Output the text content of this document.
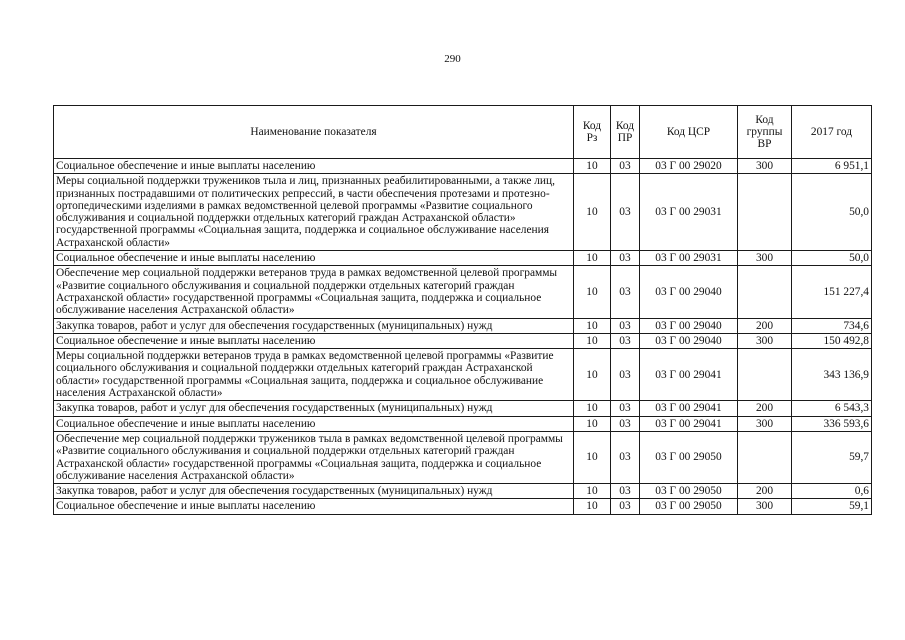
290
Наименование показателя	Код Рз	Код ПР	Код ЦСР	Код группы ВР	2017 год
Социальное обеспечение и иные выплаты населению	10	03	03 Г 00 29020	300	6 951,1
Меры социальной поддержки тружеников тыла и лиц, признанных реабилитированными, а также лиц, признанных пострадавшими от политических репрессий, в части обеспечения протезами и протезно-ортопедическими изделиями в рамках ведомственной целевой программы «Развитие социального обслуживания и социальной поддержки отдельных категорий граждан Астраханской области» государственной программы «Социальная защита, поддержка и социальное обслуживание населения Астраханской области»	10	03	03 Г 00 29031		50,0
Социальное обеспечение и иные выплаты населению	10	03	03 Г 00 29031	300	50,0
Обеспечение мер социальной поддержки ветеранов труда в рамках ведомственной целевой программы «Развитие социального обслуживания и социальной поддержки отдельных категорий граждан Астраханской области» государственной программы «Социальная защита, поддержка и социальное обслуживание населения Астраханской области»	10	03	03 Г 00 29040		151 227,4
Закупка товаров, работ и услуг для обеспечения государственных (муниципальных) нужд	10	03	03 Г 00 29040	200	734,6
Социальное обеспечение и иные выплаты населению	10	03	03 Г 00 29040	300	150 492,8
Меры социальной поддержки ветеранов труда в рамках ведомственной целевой программы «Развитие социального обслуживания и социальной поддержки отдельных категорий граждан Астраханской области» государственной программы «Социальная защита, поддержка и социальное обслуживание населения Астраханской области»	10	03	03 Г 00 29041		343 136,9
Закупка товаров, работ и услуг для обеспечения государственных (муниципальных) нужд	10	03	03 Г 00 29041	200	6 543,3
Социальное обеспечение и иные выплаты населению	10	03	03 Г 00 29041	300	336 593,6
Обеспечение мер социальной поддержки тружеников тыла в рамках ведомственной целевой программы «Развитие социального обслуживания и социальной поддержки отдельных категорий граждан Астраханской области» государственной программы «Социальная защита, поддержка и социальное обслуживание населения Астраханской области»	10	03	03 Г 00 29050		59,7
Закупка товаров, работ и услуг для обеспечения государственных (муниципальных) нужд	10	03	03 Г 00 29050	200	0,6
Социальное обеспечение и иные выплаты населению	10	03	03 Г 00 29050	300	59,1
